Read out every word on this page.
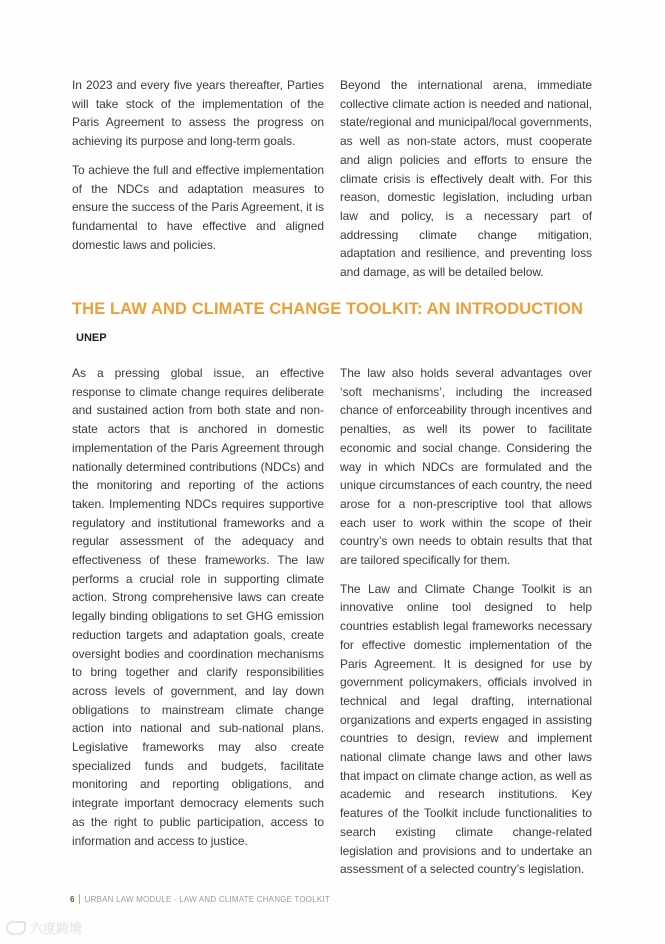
In 2023 and every five years thereafter, Parties will take stock of the implementation of the Paris Agreement to assess the progress on achieving its purpose and long-term goals.

To achieve the full and effective implementation of the NDCs and adaptation measures to ensure the success of the Paris Agreement, it is fundamental to have effective and aligned domestic laws and policies.

Beyond the international arena, immediate collective climate action is needed and national, state/regional and municipal/local governments, as well as non-state actors, must cooperate and align policies and efforts to ensure the climate crisis is effectively dealt with. For this reason, domestic legislation, including urban law and policy, is a necessary part of addressing climate change mitigation, adaptation and resilience, and preventing loss and damage, as will be detailed below.

THE LAW AND CLIMATE CHANGE TOOLKIT: AN INTRODUCTION
UNEP

As a pressing global issue, an effective response to climate change requires deliberate and sustained action from both state and non-state actors that is anchored in domestic implementation of the Paris Agreement through nationally determined contributions (NDCs) and the monitoring and reporting of the actions taken. Implementing NDCs requires supportive regulatory and institutional frameworks and a regular assessment of the adequacy and effectiveness of these frameworks. The law performs a crucial role in supporting climate action. Strong comprehensive laws can create legally binding obligations to set GHG emission reduction targets and adaptation goals, create oversight bodies and coordination mechanisms to bring together and clarify responsibilities across levels of government, and lay down obligations to mainstream climate change action into national and sub-national plans. Legislative frameworks may also create specialized funds and budgets, facilitate monitoring and reporting obligations, and integrate important democracy elements such as the right to public participation, access to information and access to justice.

The law also holds several advantages over ‘soft mechanisms’, including the increased chance of enforceability through incentives and penalties, as well its power to facilitate economic and social change. Considering the way in which NDCs are formulated and the unique circumstances of each country, the need arose for a non-prescriptive tool that allows each user to work within the scope of their country’s own needs to obtain results that that are tailored specifically for them.

The Law and Climate Change Toolkit is an innovative online tool designed to help countries establish legal frameworks necessary for effective domestic implementation of the Paris Agreement. It is designed for use by government policymakers, officials involved in technical and legal drafting, international organizations and experts engaged in assisting countries to design, review and implement national climate change laws and other laws that impact on climate change action, as well as academic and research institutions. Key features of the Toolkit include functionalities to search existing climate change-related legislation and provisions and to undertake an assessment of a selected country’s legislation.

6 URBAN LAW MODULE - LAW AND CLIMATE CHANGE TOOLKIT
六度跨境
